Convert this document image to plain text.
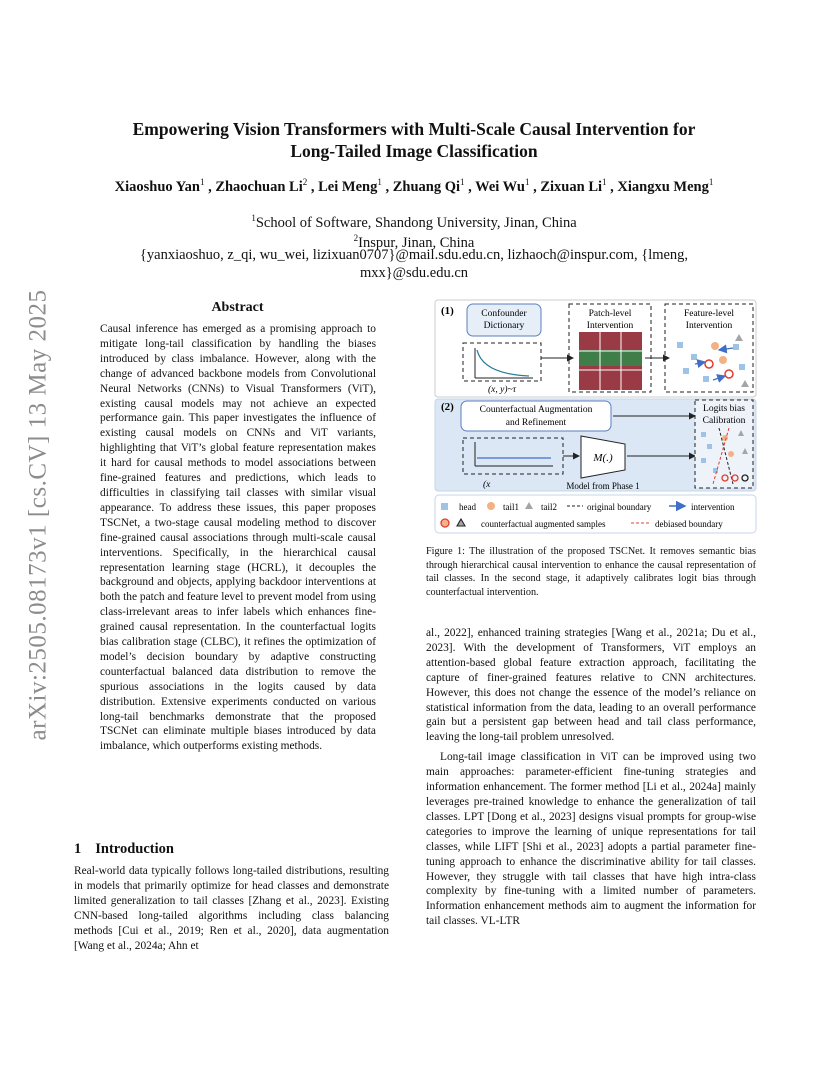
arXiv:2505.08173v1 [cs.CV] 13 May 2025
Empowering Vision Transformers with Multi-Scale Causal Intervention for
Long-Tailed Image Classification
Xiaoshuo Yan$^1$ , Zhaochuan Li$^2$ , Lei Meng$^1$ , Zhuang Qi$^1$ , Wei Wu$^1$ , Zixuan Li$^1$ , Xiangxu Meng$^1$
$^1$School of Software, Shandong University, Jinan, China
$^2$Inspur, Jinan, China
{yanxiaoshuo, z_qi, wu_wei, lizixuan0707}@mail.sdu.edu.cn, lizhaoch@inspur.com, {lmeng,
mxx}@sdu.edu.cn
Abstract
Causal inference has emerged as a promising approach to mitigate long-tail classification by handling the biases introduced by class imbalance. However, along with the change of advanced backbone models from Convolutional Neural Networks (CNNs) to Visual Transformers (ViT), existing causal models may not achieve an expected performance gain. This paper investigates the influence of existing causal models on CNNs and ViT variants, highlighting that ViT’s global feature representation makes it hard for causal methods to model associations between fine-grained features and predictions, which leads to difficulties in classifying tail classes with similar visual appearance. To address these issues, this paper proposes TSCNet, a two-stage causal modeling method to discover fine-grained causal associations through multi-scale causal interventions. Specifically, in the hierarchical causal representation learning stage (HCRL), it decouples the background and objects, applying backdoor interventions at both the patch and feature level to prevent model from using class-irrelevant areas to infer labels which enhances fine-grained causal representation. In the counterfactual logits bias calibration stage (CLBC), it refines the optimization of model’s decision boundary by adaptive constructing counterfactual balanced data distribution to remove the spurious associations in the logits caused by data distribution. Extensive experiments conducted on various long-tail benchmarks demonstrate that the proposed TSCNet can eliminate multiple biases introduced by data imbalance, which outperforms existing methods.
1 Introduction
Real-world data typically follows long-tailed distributions, resulting in models that primarily optimize for head classes and demonstrate limited generalization to tail classes [Zhang et al., 2023]. Existing CNN-based long-tailed algorithms including class balancing methods [Cui et al., 2019; Ren et al., 2020], data augmentation [Wang et al., 2024a; Ahn et

al., 2022], enhanced training strategies [Wang et al., 2021a; Du et al., 2023]. With the development of Transformers, ViT employs an attention-based global feature extraction approach, facilitating the capture of finer-grained features relative to CNN architectures. However, this does not change the essence of the model’s reliance on statistical information from the data, leading to an overall performance gain but a persistent gap between head and tail class performance, leaving the long-tail problem unresolved.

Long-tail image classification in ViT can be improved using two main approaches: parameter-efficient fine-tuning strategies and information enhancement. The former method [Li et al., 2024a] mainly leverages pre-trained knowledge to enhance the generalization of tail classes. LPT [Dong et al., 2023] designs visual prompts for group-wise categories to improve the learning of unique representations for tail classes, while LIFT [Shi et al., 2023] adopts a partial parameter fine-tuning approach to enhance the discriminative ability for tail classes. However, they struggle with tail classes that have high intra-class complexity by fine-tuning with a limited number of parameters. Information enhancement methods aim to augment the information for tail classes. VL-LTR

(1)
(2)
Confounder
Dictionary
(x, y)~τ
Patch-level
Intervention
Feature-level
Intervention
Counterfactual Augmentation
and Refinement
(x
M(.)
Model from Phase 1
Logits bias
Calibration
head	tail1 tail2	original boundary	intervention
counterfactual augmented samples	debiased boundary
Figure 1: The illustration of the proposed TSCNet. It removes semantic bias through hierarchical causal intervention to enhance the causal representation of tail classes. In the second stage, it adaptively calibrates logit bias through counterfactual intervention.
